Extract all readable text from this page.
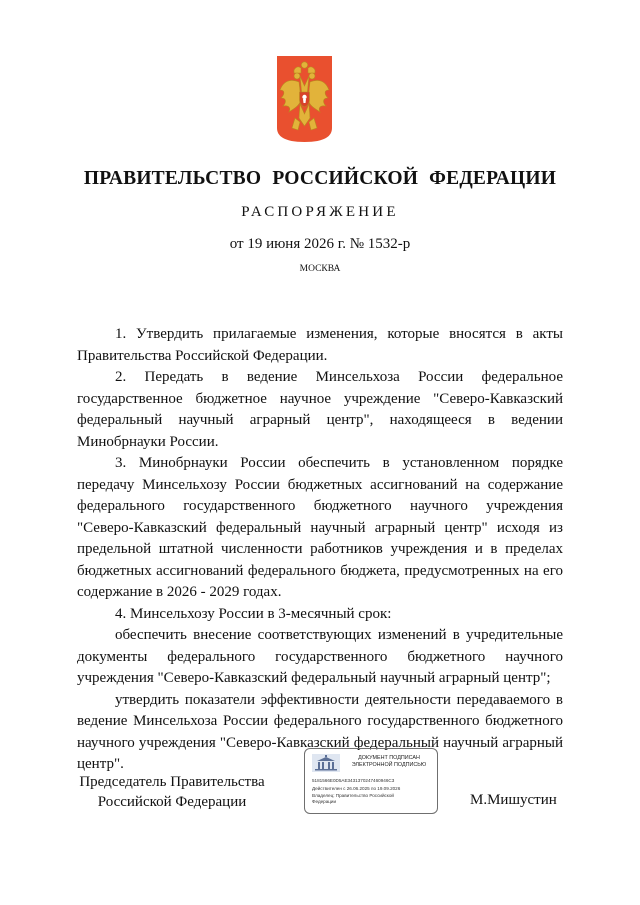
ПРАВИТЕЛЬСТВО РОССИЙСКОЙ ФЕДЕРАЦИИ
РАСПОРЯЖЕНИЕ
от 19 июня 2026 г. № 1532-р
МОСКВА

1. Утвердить прилагаемые изменения, которые вносятся в акты Правительства Российской Федерации.

2. Передать в ведение Минсельхоза России федеральное государственное бюджетное научное учреждение "Северо-Кавказский федеральный научный аграрный центр", находящееся в ведении Минобрнауки России.

3. Минобрнауки России обеспечить в установленном порядке передачу Минсельхозу России бюджетных ассигнований на содержание федерального государственного бюджетного научного учреждения "Северо-Кавказский федеральный научный аграрный центр" исходя из предельной штатной численности работников учреждения и в пределах бюджетных ассигнований федерального бюджета, предусмотренных на его содержание в 2026 - 2029 годах.

4. Минсельхозу России в 3-месячный срок:

обеспечить внесение соответствующих изменений в учредительные документы федерального государственного бюджетного научного учреждения "Северо-Кавказский федеральный научный аграрный центр";

утвердить показатели эффективности деятельности передаваемого в ведение Минсельхоза России федерального государственного бюджетного научного учреждения "Северо-Кавказский федеральный научный аграрный центр".

Председатель Правительства
Российской Федерации
ДОКУМЕНТ ПОДПИСАН
ЭЛЕКТРОННОЙ ПОДПИСЬЮ
5181566E0D5AE3431370247460946C3
Действителен с 26.06.2025 по 19.09.2026
Владелец: Правительство Российской
Федерации	М.Мишустин
